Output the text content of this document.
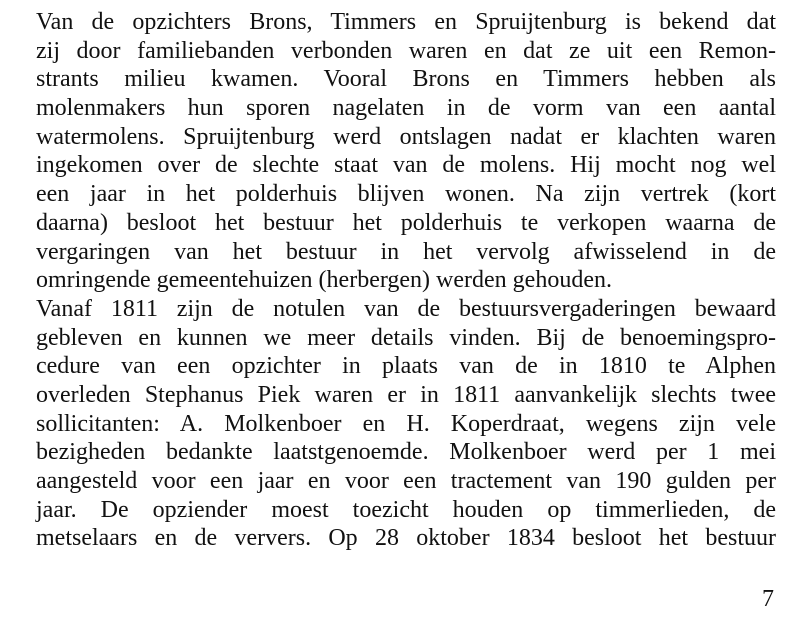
Van de opzichters Brons, Timmers en Spruijtenburg is bekend dat
zij door familiebanden verbonden waren en dat ze uit een Remon-
strants milieu kwamen. Vooral Brons en Timmers hebben als
molenmakers hun sporen nagelaten in de vorm van een aantal
watermolens. Spruijtenburg werd ontslagen nadat er klachten waren
ingekomen over de slechte staat van de molens. Hij mocht nog wel
een jaar in het polderhuis blijven wonen. Na zijn vertrek (kort
daarna) besloot het bestuur het polderhuis te verkopen waarna de
vergaringen van het bestuur in het vervolg afwisselend in de
omringende gemeentehuizen (herbergen) werden gehouden.
Vanaf 1811 zijn de notulen van de bestuursvergaderingen bewaard
gebleven en kunnen we meer details vinden. Bij de benoemingspro-
cedure van een opzichter in plaats van de in 1810 te Alphen
overleden Stephanus Piek waren er in 1811 aanvankelijk slechts twee
sollicitanten: A. Molkenboer en H. Koperdraat, wegens zijn vele
bezigheden bedankte laatstgenoemde. Molkenboer werd per 1 mei
aangesteld voor een jaar en voor een tractement van 190 gulden per
jaar. De opziender moest toezicht houden op timmerlieden, de
metselaars en de ververs. Op 28 oktober 1834 besloot het bestuur
7
